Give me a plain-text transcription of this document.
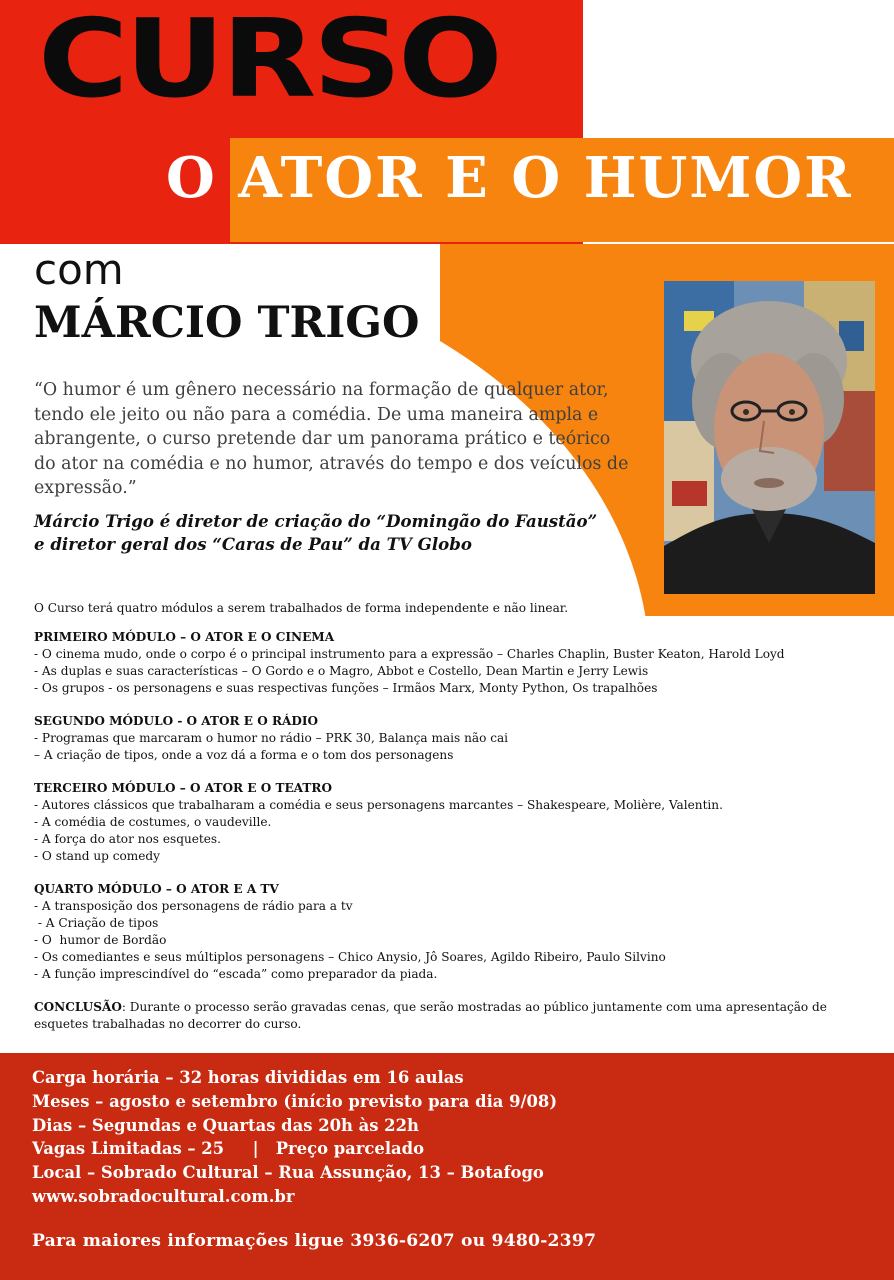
CURSO
O ATOR E O HUMOR
com
MÁRCIO TRIGO

“O humor é um gênero necessário na formação de qualquer ator, tendo ele jeito ou não para a comédia. De uma maneira ampla e abrangente, o curso pretende dar um panorama prático e teórico do ator na comédia e no humor, através do tempo e dos veículos de expressão.”

Márcio Trigo é diretor de criação do “Domingão do Faustão”
e diretor geral dos “Caras de Pau” da TV Globo

O Curso terá quatro módulos a serem trabalhados de forma independente e não linear.

PRIMEIRO MÓDULO – O ATOR E O CINEMA

- O cinema mudo, onde o corpo é o principal instrumento para a expressão – Charles Chaplin, Buster Keaton, Harold Loyd

- As duplas e suas características – O Gordo e o Magro, Abbot e Costello, Dean Martin e Jerry Lewis

- Os grupos - os personagens e suas respectivas funções – Irmãos Marx, Monty Python, Os trapalhões

SEGUNDO MÓDULO - O ATOR E O RÁDIO

- Programas que marcaram o humor no rádio – PRK 30, Balança mais não cai

– A criação de tipos, onde a voz dá a forma e o tom dos personagens

TERCEIRO MÓDULO – O ATOR E O TEATRO

- Autores clássicos que trabalharam a comédia e seus personagens marcantes – Shakespeare, Molière, Valentin.

- A comédia de costumes, o vaudeville.

- A força do ator nos esquetes.

- O stand up comedy

QUARTO MÓDULO – O ATOR E A TV

- A transposição dos personagens de rádio para a tv

- A Criação de tipos

- O  humor de Bordão

- Os comediantes e seus múltiplos personagens – Chico Anysio, Jô Soares, Agildo Ribeiro, Paulo Silvino

- A função imprescindível do “escada” como preparador da piada.

CONCLUSÃO: Durante o processo serão gravadas cenas, que serão mostradas ao público juntamente com uma apresentação de esquetes trabalhadas no decorrer do curso.

Carga horária – 32 horas divididas em 16 aulas
Meses – agosto e setembro (início previsto para dia 9/08)
Dias – Segundas e Quartas das 20h às 22h
Vagas Limitadas – 25     |   Preço parcelado
Local – Sobrado Cultural – Rua Assunção, 13 – Botafogo
www.sobradocultural.com.br
Para maiores informações ligue 3936-6207 ou 9480-2397
